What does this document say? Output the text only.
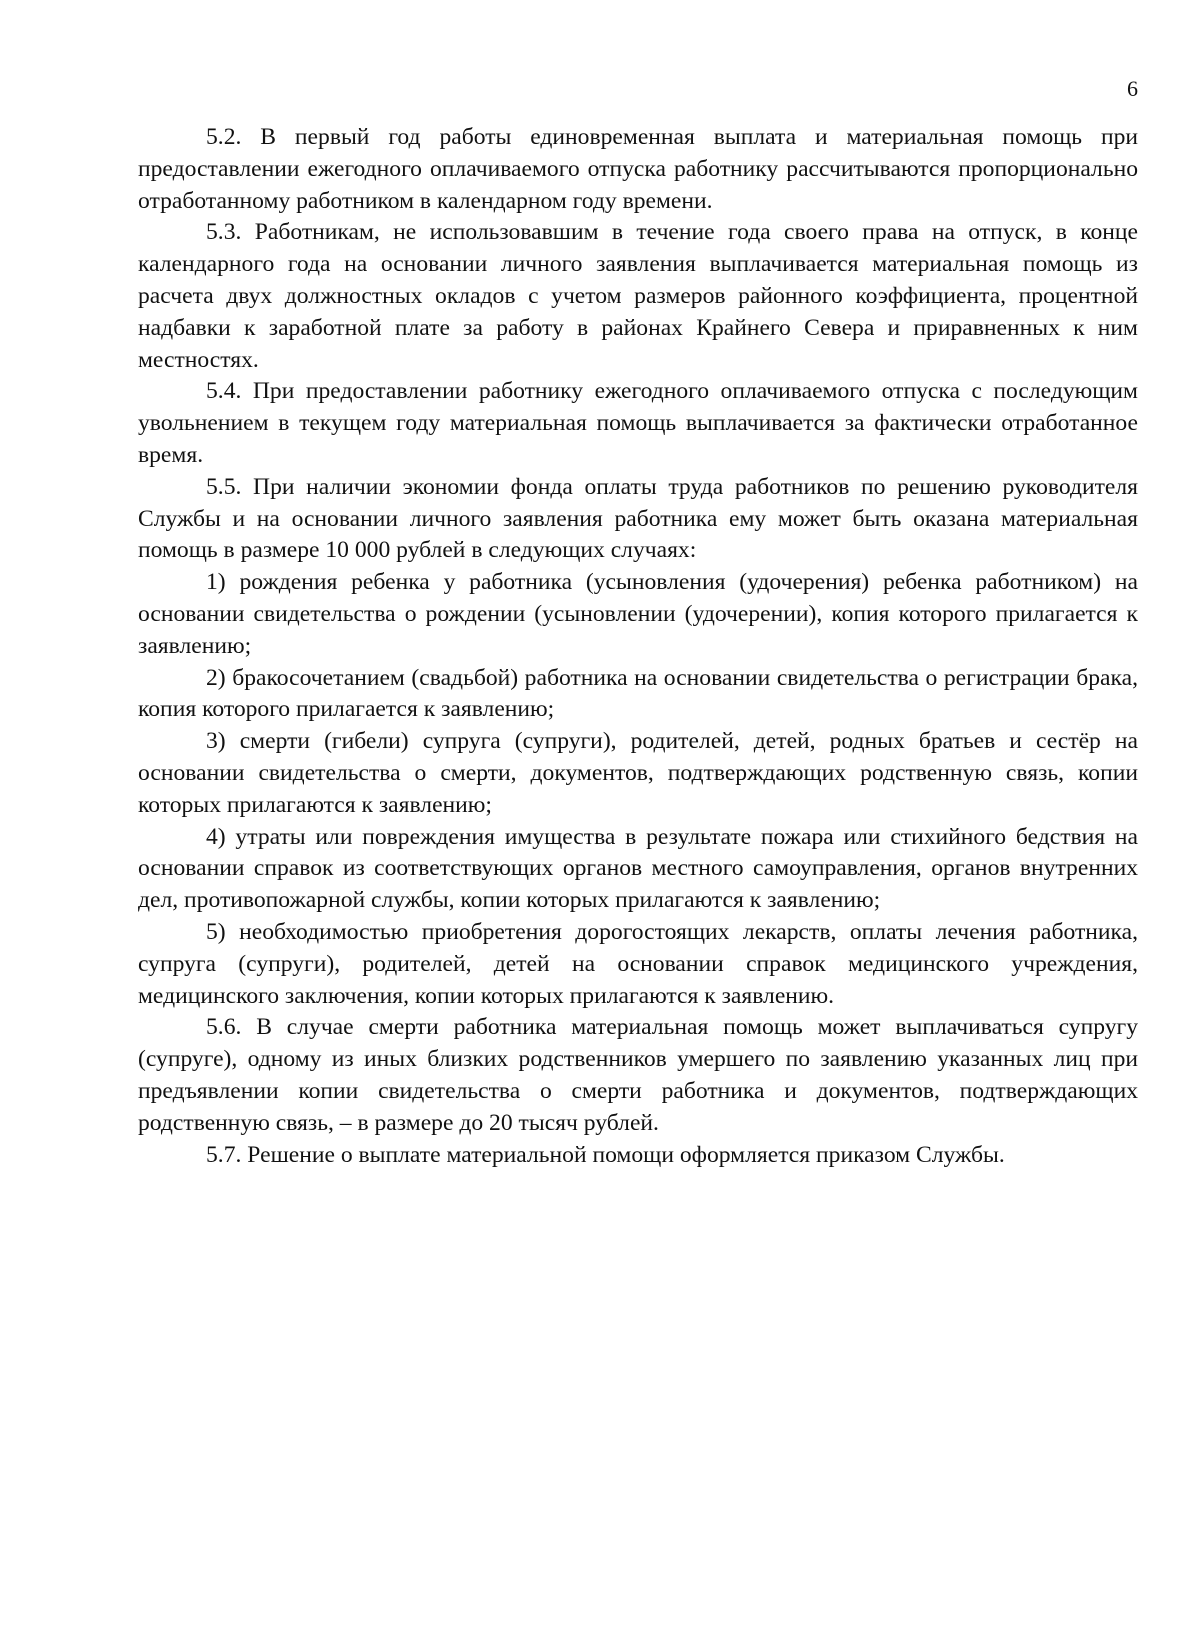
6

5.2. В первый год работы единовременная выплата и материальная помощь при предоставлении ежегодного оплачиваемого отпуска работнику рассчитываются пропорционально отработанному работником в календарном году времени.

5.3. Работникам, не использовавшим в течение года своего права на отпуск, в конце календарного года на основании личного заявления выплачивается материальная помощь из расчета двух должностных окладов с учетом размеров районного коэффициента, процентной надбавки к заработной плате за работу в районах Крайнего Севера и приравненных к ним местностях.

5.4. При предоставлении работнику ежегодного оплачиваемого отпуска с последующим увольнением в текущем году материальная помощь выплачивается за фактически отработанное время.

5.5. При наличии экономии фонда оплаты труда работников по решению руководителя Службы и на основании личного заявления работника ему может быть оказана материальная помощь в размере 10 000 рублей в следующих случаях:

1) рождения ребенка у работника (усыновления (удочерения) ребенка работником) на основании свидетельства о рождении (усыновлении (удочерении), копия которого прилагается к заявлению;

2) бракосочетанием (свадьбой) работника на основании свидетельства о регистрации брака, копия которого прилагается к заявлению;

3) смерти (гибели) супруга (супруги), родителей, детей, родных братьев и сестёр на основании свидетельства о смерти, документов, подтверждающих родственную связь, копии которых прилагаются к заявлению;

4) утраты или повреждения имущества в результате пожара или стихийного бедствия на основании справок из соответствующих органов местного самоуправления, органов внутренних дел, противопожарной службы, копии которых прилагаются к заявлению;

5) необходимостью приобретения дорогостоящих лекарств, оплаты лечения работника, супруга (супруги), родителей, детей на основании справок медицинского учреждения, медицинского заключения, копии которых прилагаются к заявлению.

5.6. В случае смерти работника материальная помощь может выплачиваться супругу (супруге), одному из иных близких родственников умершего по заявлению указанных лиц при предъявлении копии свидетельства о смерти работника и документов, подтверждающих родственную связь, – в размере до 20 тысяч рублей.

5.7. Решение о выплате материальной помощи оформляется приказом Службы.
